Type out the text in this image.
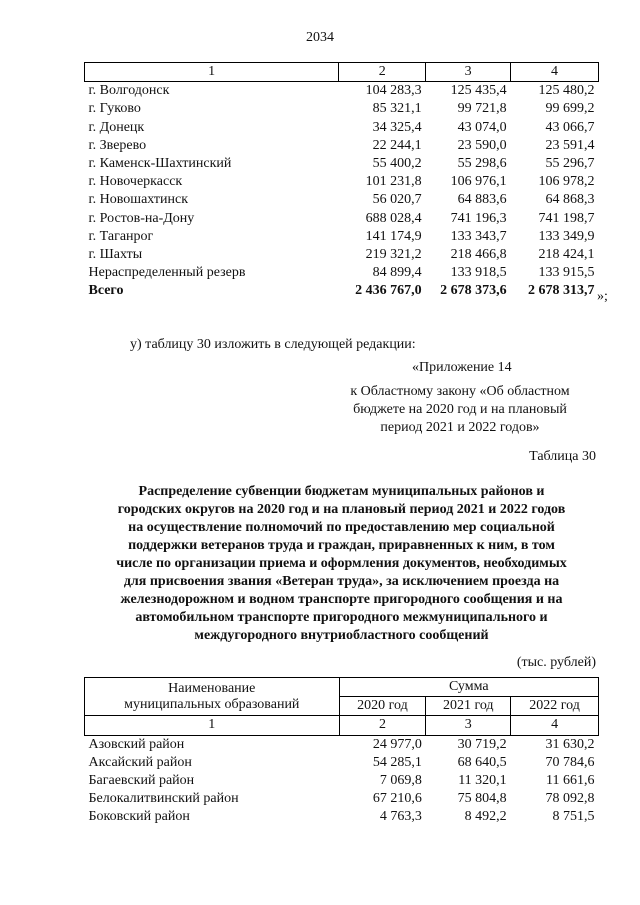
2034
1	2	3	4
г. Волгодонск	104 283,3	125 435,4	125 480,2
г. Гуково	85 321,1	99 721,8	99 699,2
г. Донецк	34 325,4	43 074,0	43 066,7
г. Зверево	22 244,1	23 590,0	23 591,4
г. Каменск-Шахтинский	55 400,2	55 298,6	55 296,7
г. Новочеркасск	101 231,8	106 976,1	106 978,2
г. Новошахтинск	56 020,7	64 883,6	64 868,3
г. Ростов-на-Дону	688 028,4	741 196,3	741 198,7
г. Таганрог	141 174,9	133 343,7	133 349,9
г. Шахты	219 321,2	218 466,8	218 424,1
Нераспределенный резерв	84 899,4	133 918,5	133 915,5
Всего	2 436 767,0	2 678 373,6	2 678 313,7 »;
у) таблицу 30 изложить в следующей редакции:
«Приложение 14
к Областному закону «Об областном
бюджете на 2020 год и на плановый
период 2021 и 2022 годов»
Таблица 30
Распределение субвенции бюджетам муниципальных районов и
городских округов на 2020 год и на плановый период 2021 и 2022 годов
на осуществление полномочий по предоставлению мер социальной
поддержки ветеранов труда и граждан, приравненных к ним, в том
числе по организации приема и оформления документов, необходимых
для присвоения звания «Ветеран труда», за исключением проезда на
железнодорожном и водном транспорте пригородного сообщения и на
автомобильном транспорте пригородного межмуниципального и
междугородного внутриобластного сообщений
(тыс. рублей)
Наименование
муниципальных образований	Сумма		
	2020 год	2021 год	2022 год
1	2	3	4
Азовский район	24 977,0	30 719,2	31 630,2
Аксайский район	54 285,1	68 640,5	70 784,6
Багаевский район	7 069,8	11 320,1	11 661,6
Белокалитвинский район	67 210,6	75 804,8	78 092,8
Боковский район	4 763,3	8 492,2	8 751,5
